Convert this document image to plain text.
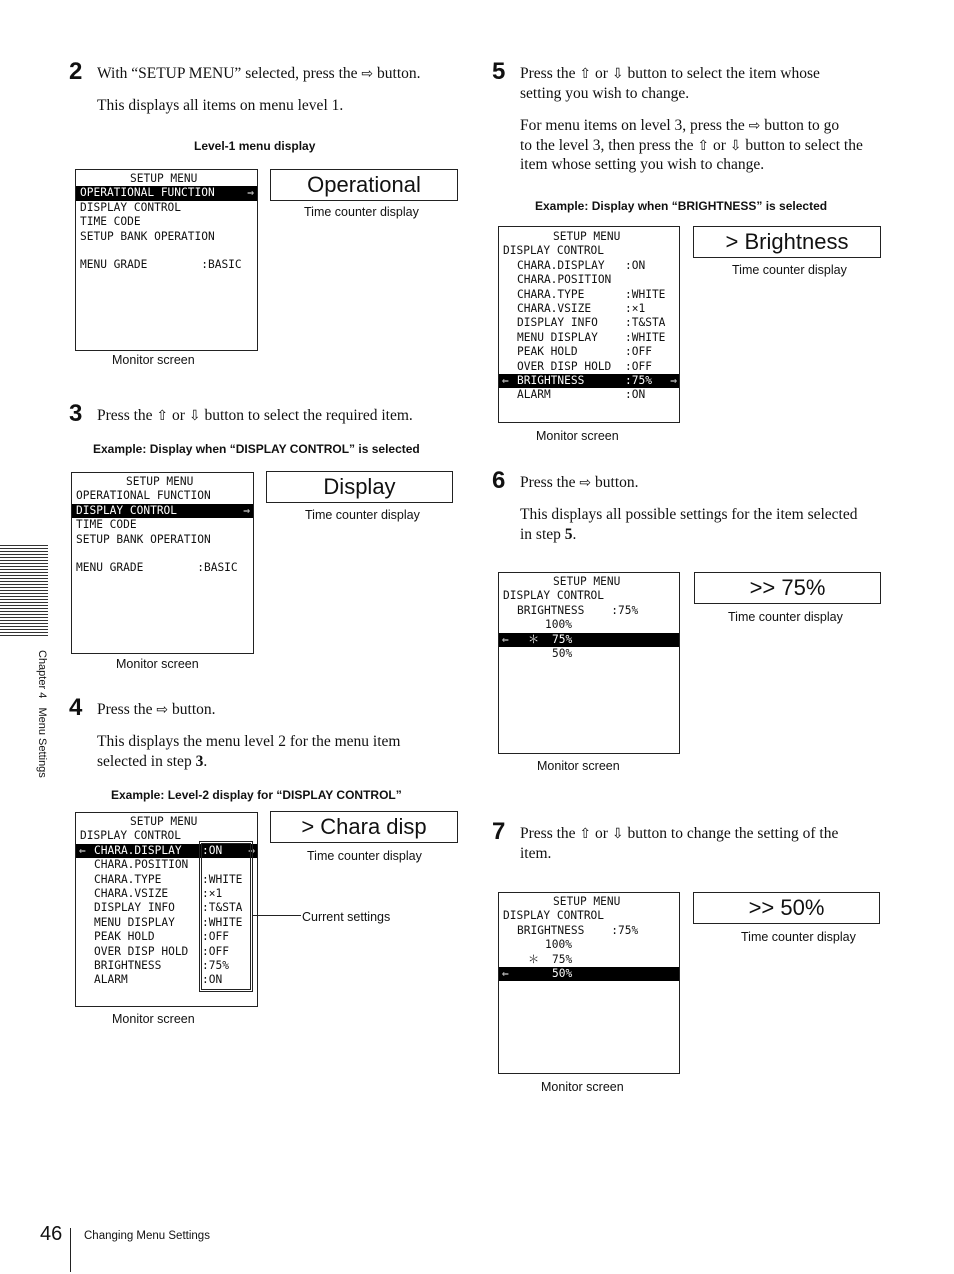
2 With “SETUP MENU” selected, press the ⇨ button.
This displays all items on menu level 1.
Level-1 menu display
SETUP MENU
OPERATIONAL FUNCTION	⇒
DISPLAY CONTROL
TIME CODE
SETUP BANK OPERATION
MENU GRADE        :BASIC
Monitor screen
Operational
Time counter display
3 Press the ⇧ or ⇩ button to select the required item.
Example: Display when “DISPLAY CONTROL” is selected
SETUP MENU
OPERATIONAL FUNCTION
DISPLAY CONTROL	⇒
TIME CODE
SETUP BANK OPERATION
MENU GRADE        :BASIC
Monitor screen
Display
Time counter display
4 Press the ⇨ button.
This displays the menu level 2 for the menu item
selected in step 3.
Example: Level-2 display for “DISPLAY CONTROL”
SETUP MENU
DISPLAY CONTROL
⇐ CHARA.DISPLAY :ON ⇒
CHARA.POSITION
CHARA.TYPE	:WHITE
CHARA.VSIZE	:×1
DISPLAY INFO :T&STA
MENU DISPLAY :WHITE
PEAK HOLD	:OFF
OVER DISP HOLD :OFF
BRIGHTNESS	:75%
ALARM	:ON
Current settings
Monitor screen
> Chara disp
Time counter display
5 Press the ⇧ or ⇩ button to select the item whose
setting you wish to change.
For menu items on level 3, press the ⇨ button to go
to the level 3, then press the ⇧ or ⇩ button to select the
item whose setting you wish to change.
Example: Display when “BRIGHTNESS” is selected
SETUP MENU
DISPLAY CONTROL
CHARA.DISPLAY :ON
CHARA.POSITION
CHARA.TYPE	:WHITE
CHARA.VSIZE	:×1
DISPLAY INFO :T&STA
MENU DISPLAY :WHITE
PEAK HOLD	:OFF
OVER DISP HOLD :OFF
⇐ BRIGHTNESS	:75% ⇒
ALARM	:ON
Monitor screen
> Brightness
Time counter display
6 Press the ⇨ button.
This displays all possible settings for the item selected
in step 5.
SETUP MENU
DISPLAY CONTROL
BRIGHTNESS    :75%
100%
⇐ ＊ 75%
50%
Monitor screen
>> 75%
Time counter display
7 Press the ⇧ or ⇩ button to change the setting of the
item.
SETUP MENU
DISPLAY CONTROL
BRIGHTNESS    :75%
100%
＊ 75%
⇐	50%
Monitor screen
>> 50%
Time counter display
Chapter 4   Menu Settings
46 Changing Menu Settings
